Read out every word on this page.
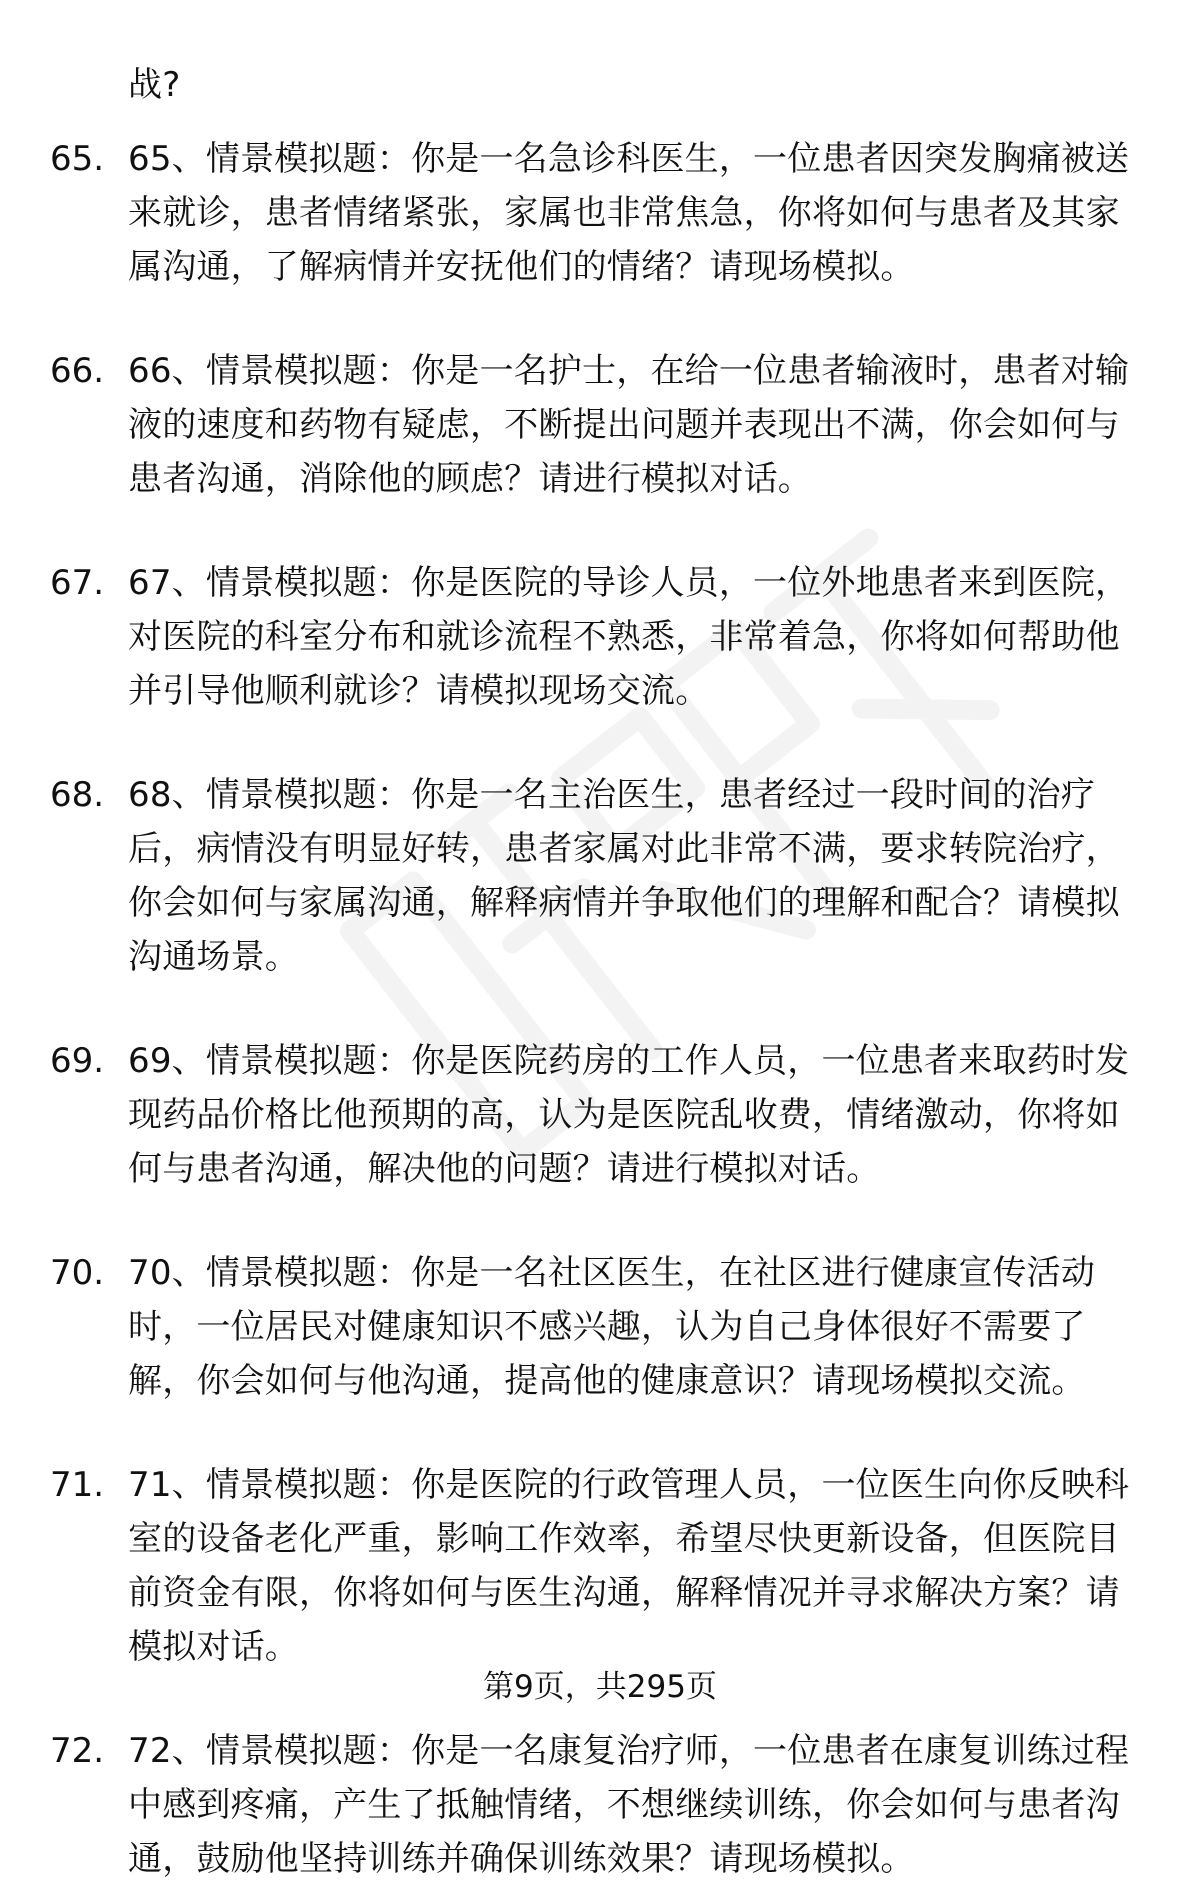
战?
65. 65、情景模拟题：你是一名急诊科医生，一位患者因突发胸痛被送来就诊，患者情绪紧张，家属也非常焦急，你将如何与患者及其家属沟通，了解病情并安抚他们的情绪？请现场模拟。
66. 66、情景模拟题：你是一名护士，在给一位患者输液时，患者对输液的速度和药物有疑虑，不断提出问题并表现出不满，你会如何与患者沟通，消除他的顾虑？请进行模拟对话。
67. 67、情景模拟题：你是医院的导诊人员，一位外地患者来到医院，对医院的科室分布和就诊流程不熟悉，非常着急，你将如何帮助他并引导他顺利就诊？请模拟现场交流。
68. 68、情景模拟题：你是一名主治医生，患者经过一段时间的治疗后，病情没有明显好转，患者家属对此非常不满，要求转院治疗，你会如何与家属沟通，解释病情并争取他们的理解和配合？请模拟沟通场景。
69. 69、情景模拟题：你是医院药房的工作人员，一位患者来取药时发现药品价格比他预期的高，认为是医院乱收费，情绪激动，你将如何与患者沟通，解决他的问题？请进行模拟对话。
70. 70、情景模拟题：你是一名社区医生，在社区进行健康宣传活动时，一位居民对健康知识不感兴趣，认为自己身体很好不需要了解，你会如何与他沟通，提高他的健康意识？请现场模拟交流。
71. 71、情景模拟题：你是医院的行政管理人员，一位医生向你反映科室的设备老化严重，影响工作效率，希望尽快更新设备，但医院目前资金有限，你将如何与医生沟通，解释情况并寻求解决方案？请模拟对话。
72. 72、情景模拟题：你是一名康复治疗师，一位患者在康复训练过程中感到疼痛，产生了抵触情绪，不想继续训练，你会如何与患者沟通，鼓励他坚持训练并确保训练效果？请现场模拟。
第9页，共295页
